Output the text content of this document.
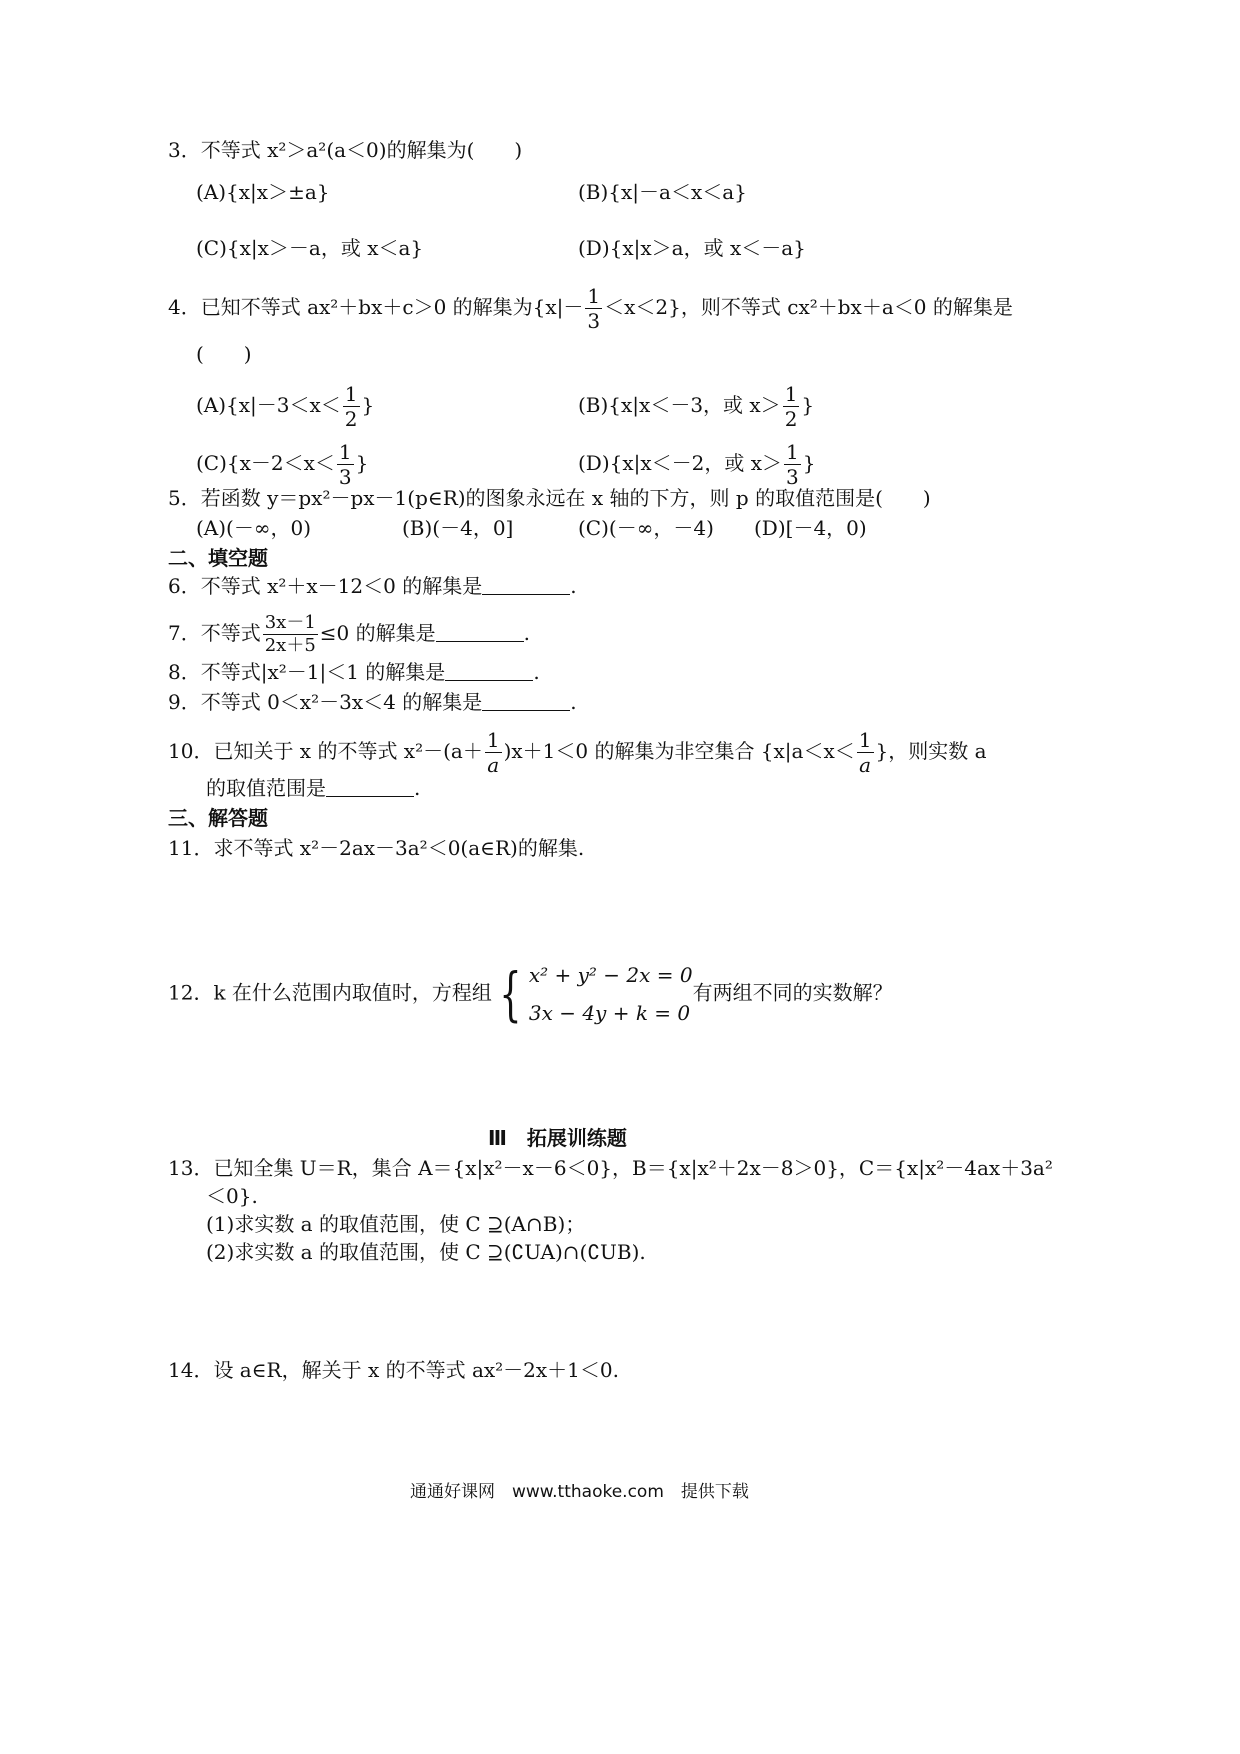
3．不等式 x²＞a²(a＜0)的解集为(　　)
(A){x|x＞±a}	(B){x|－a＜x＜a}
(C){x|x＞－a，或 x＜a}	(D){x|x＞a，或 x＜－a}
4．已知不等式 ax²＋bx＋c＞0 的解集为$\{x|- \frac{1}{3} <x<2\}$，则不等式 cx²＋bx＋a＜0 的解集是
(　　)
$(A)\{x|-3<x< \frac{1}{2}$ }	(B){x|x＜－3，或 $x> \frac{1}{2}$ }
$(C)\{x-2<x< \frac{1}{3}$ }	(D){x|x＜－2，或 $x> \frac{1}{3}$ }
5．若函数 y＝px²－px－1(p∈R)的图象永远在 x 轴的下方，则 p 的取值范围是(　　)
(A)(－∞，0)	(B)(－4，0]	(C)(－∞，－4) (D)[－4，0)
二、填空题
6．不等式 x²＋x－12＜0 的解集是	.
7．不等式 $\frac{3x-1}{2x+5} \le 0$ 的解集是	.
8．不等式|x²－1|＜1 的解集是	.
9．不等式 0＜x²－3x＜4 的解集是	.
10．已知关于 x 的不等式 $x^2-(a+ \frac{1}{a} )x+1<0$ 的解集为非空集合 {$x|a<x< \frac{1}{a}$ }，则实数 a
的取值范围是	.
三、解答题
11．求不等式 x²－2ax－3a²＜0(a∈R)的解集.
12．k 在什么范围内取值时，方程组 { x² + y² − 2x = 0
3x − 4y + k = 0
有两组不同的实数解？
Ⅲ　拓展训练题
13．已知全集 U＝R，集合 A＝{x|x²－x－6＜0}，B＝{x|x²＋2x－8＞0}，C＝{x|x²－4ax＋3a²
＜0}.
(1)求实数 a 的取值范围，使 C ⊇(A∩B)；
(2)求实数 a 的取值范围，使 C ⊇(∁UA)∩(∁UB).
14．设 a∈R，解关于 x 的不等式 ax²－2x＋1＜0.
通通好课网　www.tthaoke.com　提供下载
